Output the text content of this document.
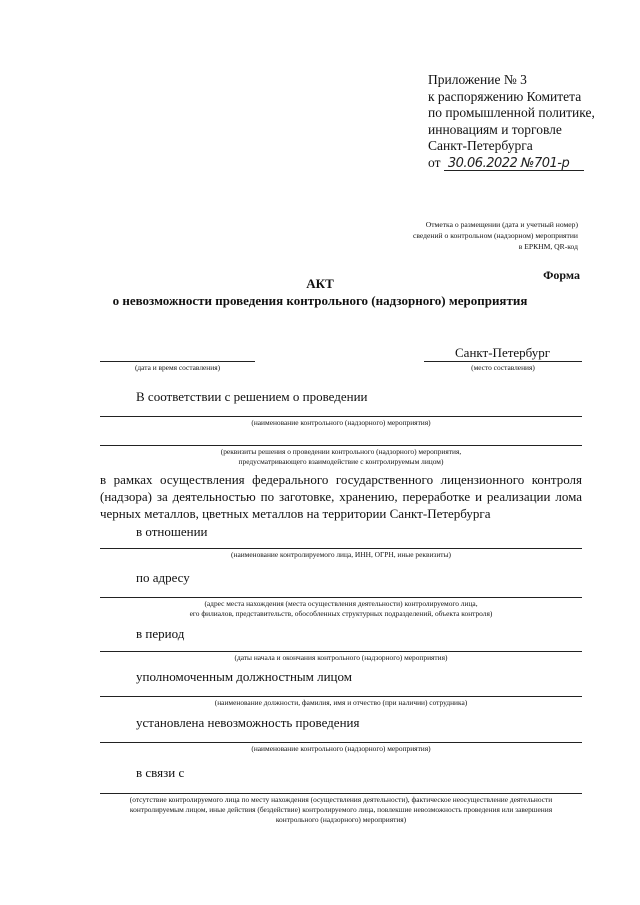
Приложение № 3
к распоряжению Комитета
по промышленной политике,
инновациям и торговле
Санкт-Петербурга
от 30.06.2022 №701-р
Отметка о размещении (дата и учетный номер)
сведений о контрольном (надзорном) мероприятии
в ЕРКНМ, QR-код
Форма
АКТ
о невозможности проведения контрольного (надзорного) мероприятия
(дата и время составления)
Санкт-Петербург
(место составления)
В соответствии с решением о проведении
(наименование контрольного (надзорного) мероприятия)
(реквизиты решения о проведении контрольного (надзорного) мероприятия,
предусматривающего взаимодействие с контролируемым лицом)
в рамках осуществления федерального государственного лицензионного контроля
(надзора) за деятельностью по заготовке, хранению, переработке и реализации лома
черных металлов, цветных металлов на территории Санкт-Петербурга
в отношении
(наименование контролируемого лица, ИНН, ОГРН, иные реквизиты)
по адресу
(адрес места нахождения (места осуществления деятельности) контролируемого лица,
его филиалов, представительств, обособленных структурных подразделений, объекта контроля)
в период
(даты начала и окончания контрольного (надзорного) мероприятия)
уполномоченным должностным лицом
(наименование должности, фамилия, имя и отчество (при наличии) сотрудника)
установлена невозможность проведения
(наименование контрольного (надзорного) мероприятия)
в связи с
(отсутствие контролируемого лица по месту нахождения (осуществления деятельности), фактическое неосуществление деятельности
контролируемым лицом, иные действия (бездействие) контролируемого лица, повлекшие невозможность проведения или завершения
контрольного (надзорного) мероприятия)
